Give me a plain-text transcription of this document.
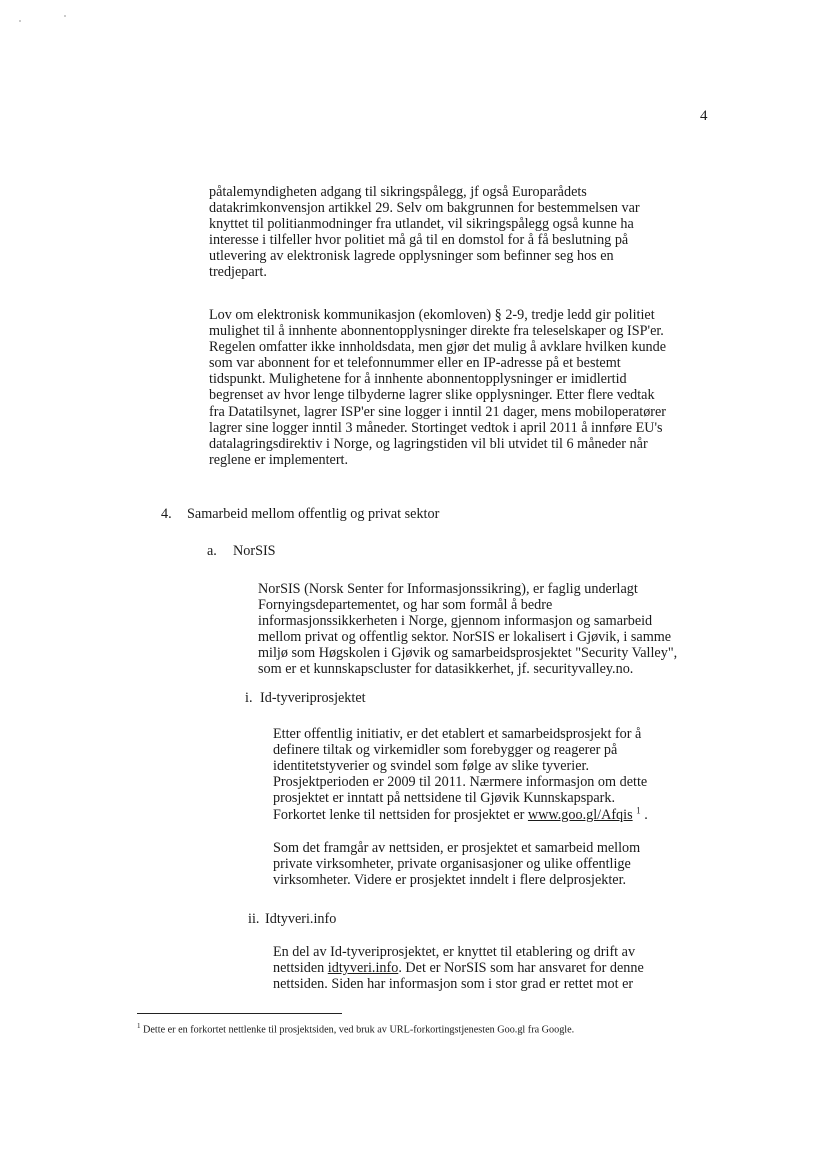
4

påtalemyndigheten adgang til sikringspålegg, jf også Europarådets
datakrimkonvensjon artikkel 29. Selv om bakgrunnen for bestemmelsen var
knyttet til politianmodninger fra utlandet, vil sikringspålegg også kunne ha
interesse i tilfeller hvor politiet må gå til en domstol for å få beslutning på
utlevering av elektronisk lagrede opplysninger som befinner seg hos en
tredjepart.

Lov om elektronisk kommunikasjon (ekomloven) § 2-9, tredje ledd gir politiet
mulighet til å innhente abonnentopplysninger direkte fra teleselskaper og ISP'er.
Regelen omfatter ikke innholdsdata, men gjør det mulig å avklare hvilken kunde
som var abonnent for et telefonnummer eller en IP-adresse på et bestemt
tidspunkt. Mulighetene for å innhente abonnentopplysninger er imidlertid
begrenset av hvor lenge tilbyderne lagrer slike opplysninger. Etter flere vedtak
fra Datatilsynet, lagrer ISP'er sine logger i inntil 21 dager, mens mobiloperatører
lagrer sine logger inntil 3 måneder. Stortinget vedtok i april 2011 å innføre EU's
datalagringsdirektiv i Norge, og lagringstiden vil bli utvidet til 6 måneder når
reglene er implementert.

4. Samarbeid mellom offentlig og privat sektor
a. NorSIS

NorSIS (Norsk Senter for Informasjonssikring), er faglig underlagt
Fornyingsdepartementet, og har som formål å bedre
informasjonssikkerheten i Norge, gjennom informasjon og samarbeid
mellom privat og offentlig sektor. NorSIS er lokalisert i Gjøvik, i samme
miljø som Høgskolen i Gjøvik og samarbeidsprosjektet "Security Valley",
som er et kunnskapscluster for datasikkerhet, jf. securityvalley.no.

i. Id-tyveriprosjektet

Etter offentlig initiativ, er det etablert et samarbeidsprosjekt for å
definere tiltak og virkemidler som forebygger og reagerer på
identitetstyverier og svindel som følge av slike tyverier.
Prosjektperioden er 2009 til 2011. Nærmere informasjon om dette
prosjektet er inntatt på nettsidene til Gjøvik Kunnskapspark.

Forkortet lenke til nettsiden for prosjektet er www.goo.gl/Afqis $^1$ .

Som det framgår av nettsiden, er prosjektet et samarbeid mellom
private virksomheter, private organisasjoner og ulike offentlige
virksomheter. Videre er prosjektet inndelt i flere delprosjekter.

ii. Idtyveri.info

En del av Id-tyveriprosjektet, er knyttet til etablering og drift av

nettsiden idtyveri.info. Det er NorSIS som har ansvaret for denne

nettsiden. Siden har informasjon som i stor grad er rettet mot er

$^1$ Dette er en forkortet nettlenke til prosjektsiden, ved bruk av URL-forkortingstjenesten Goo.gl fra Google.
